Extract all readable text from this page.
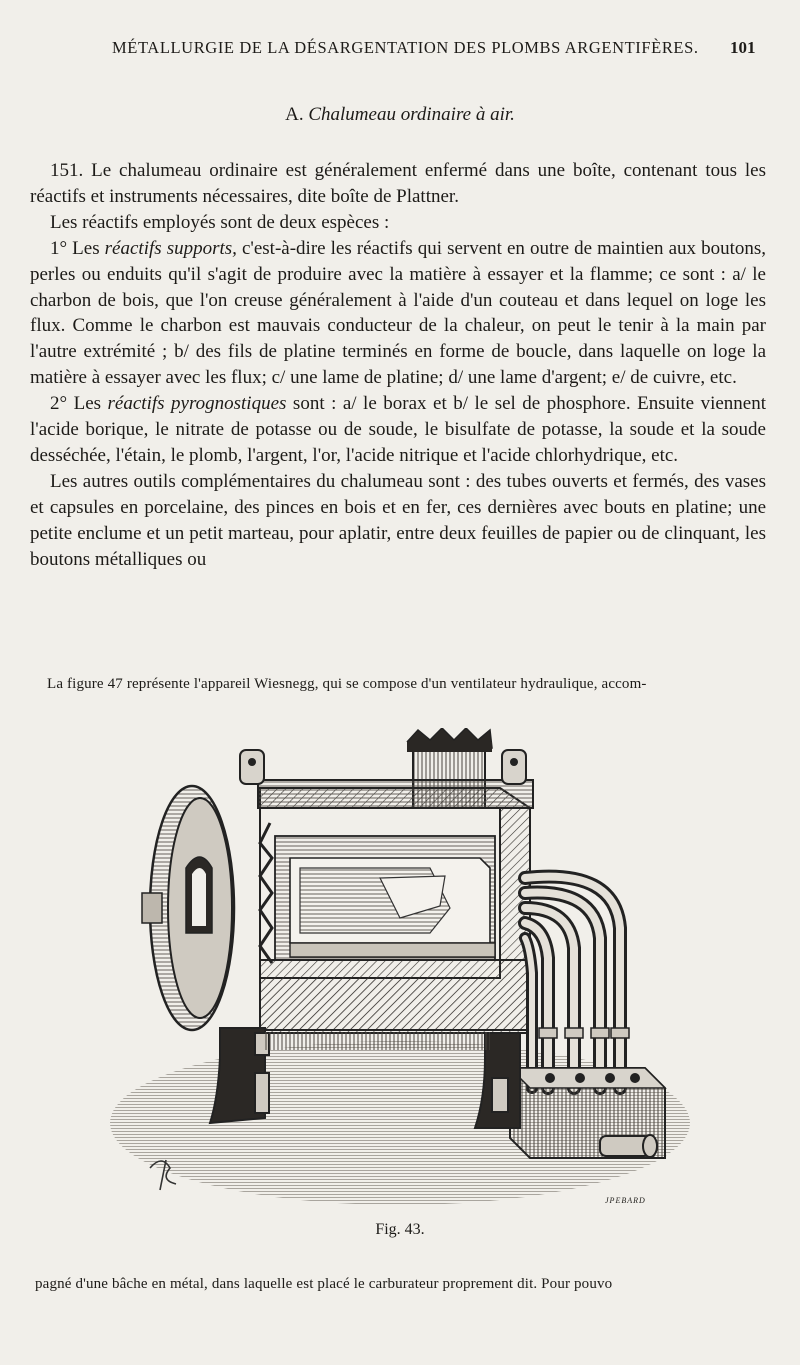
MÉTALLURGIE DE LA DÉSARGENTATION DES PLOMBS ARGENTIFÈRES. 101
A. Chalumeau ordinaire à air.

151. Le chalumeau ordinaire est généralement enfermé dans une boîte, contenant tous les réactifs et instruments nécessaires, dite boîte de Plattner.

Les réactifs employés sont de deux espèces :

1° Les réactifs supports, c'est-à-dire les réactifs qui servent en outre de maintien aux boutons, perles ou enduits qu'il s'agit de produire avec la matière à essayer et la flamme; ce sont : a/ le charbon de bois, que l'on creuse généralement à l'aide d'un couteau et dans lequel on loge les flux. Comme le charbon est mauvais conducteur de la chaleur, on peut le tenir à la main par l'autre extrémité ; b/ des fils de platine terminés en forme de boucle, dans laquelle on loge la matière à essayer avec les flux; c/ une lame de platine; d/ une lame d'argent; e/ de cuivre, etc.

2° Les réactifs pyrognostiques sont : a/ le borax et b/ le sel de phosphore. Ensuite viennent l'acide borique, le nitrate de potasse ou de soude, le bisulfate de potasse, la soude et la soude desséchée, l'étain, le plomb, l'argent, l'or, l'acide nitrique et l'acide chlorhydrique, etc.

Les autres outils complémentaires du chalumeau sont : des tubes ouverts et fermés, des vases et capsules en porcelaine, des pinces en bois et en fer, ces dernières avec bouts en platine; une petite enclume et un petit marteau, pour aplatir, entre deux feuilles de papier ou de clinquant, les boutons métalliques ou

La figure 47 représente l'appareil Wiesnegg, qui se compose d'un ventilateur hydraulique, accom-
JPEBARD
Fig. 43.
pagné d'une bâche en métal, dans laquelle est placé le carburateur proprement dit. Pour pouvo
